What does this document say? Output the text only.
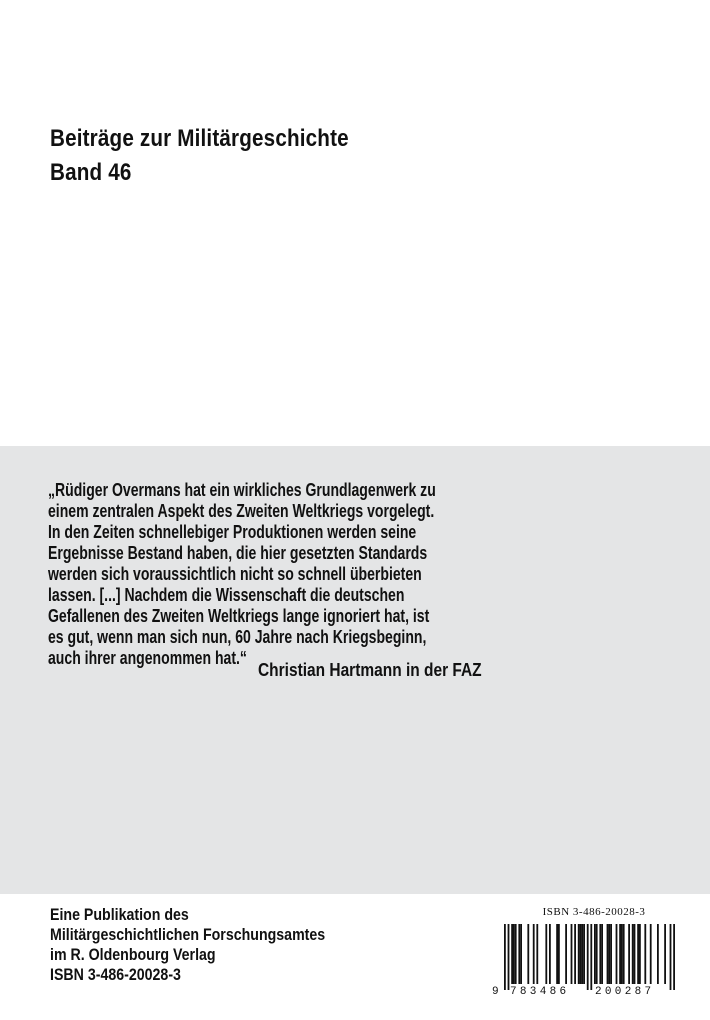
Beiträge zur Militärgeschichte
Band 46
„Rüdiger Overmans hat ein wirkliches Grundlagenwerk zu
einem zentralen Aspekt des Zweiten Weltkriegs vorgelegt.
In den Zeiten schnellebiger Produktionen werden seine
Ergebnisse Bestand haben, die hier gesetzten Standards
werden sich voraussichtlich nicht so schnell überbieten
lassen. [...] Nachdem die Wissenschaft die deutschen
Gefallenen des Zweiten Weltkriegs lange ignoriert hat, ist
es gut, wenn man sich nun, 60 Jahre nach Kriegsbeginn,
auch ihrer angenommen hat.“
Christian Hartmann in der FAZ
Eine Publikation des
Militärgeschichtlichen Forschungsamtes
im R. Oldenbourg Verlag
ISBN 3-486-20028-3
ISBN 3-486-20028-3
9 783486 200287
